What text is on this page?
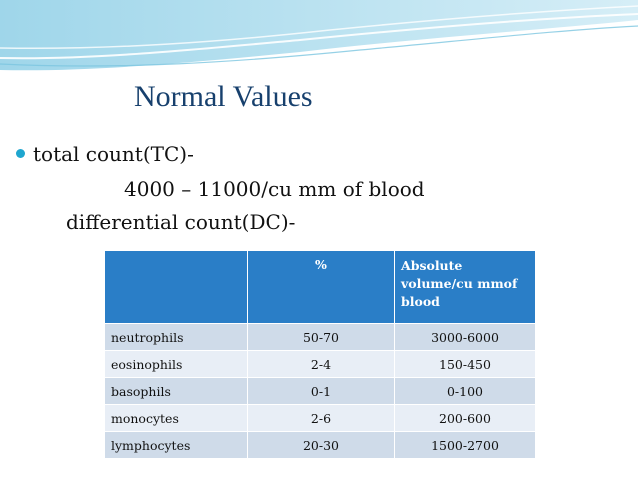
Normal Values
total count(TC)-
4000 – 11000/cu mm of blood
differential count(DC)-
	%	Absolute volume/cu mmof blood
neutrophils	50-70	3000-6000
eosinophils	2-4	150-450
basophils	0-1	0-100
monocytes	2-6	200-600
lymphocytes	20-30	1500-2700
